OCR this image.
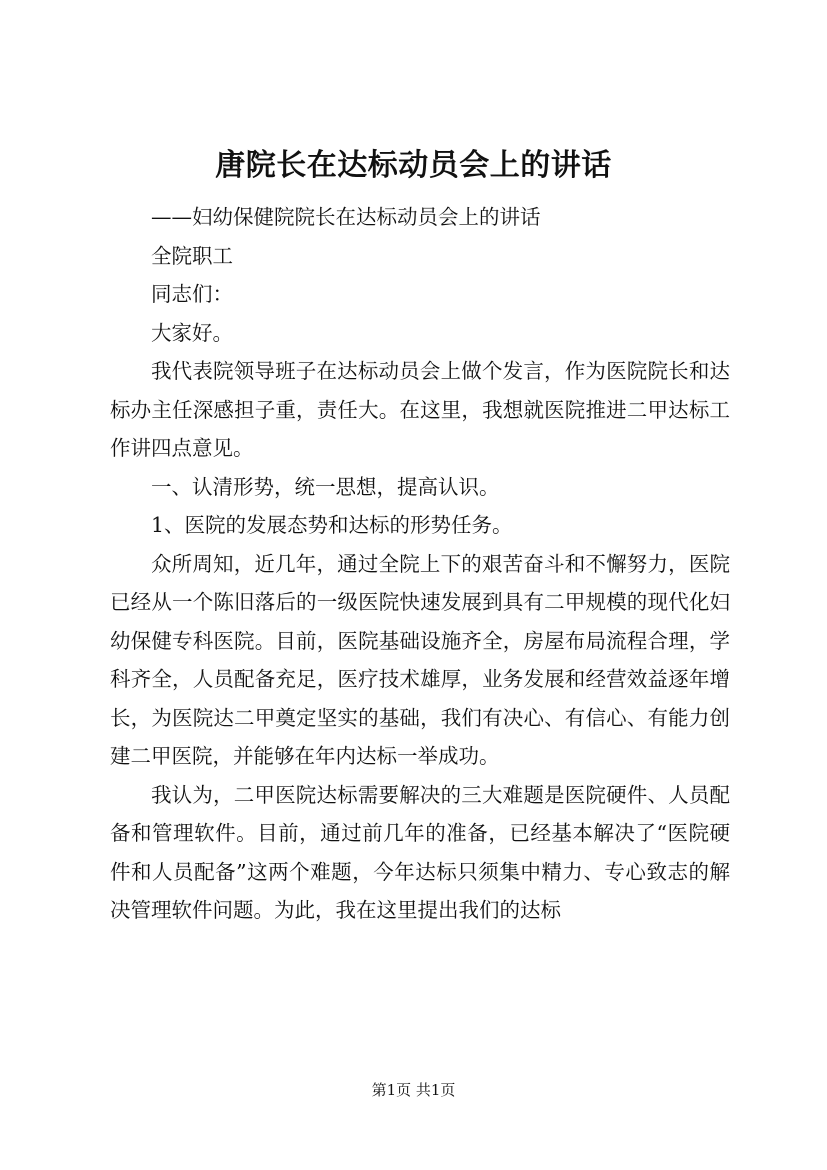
唐院长在达标动员会上的讲话

——妇幼保健院院长在达标动员会上的讲话

全院职工

同志们：

大家好。

我代表院领导班子在达标动员会上做个发言，作为医院院长和达标办主任深感担子重，责任大。在这里，我想就医院推进二甲达标工作讲四点意见。

一、认清形势，统一思想，提高认识。

1、医院的发展态势和达标的形势任务。

众所周知，近几年，通过全院上下的艰苦奋斗和不懈努力，医院已经从一个陈旧落后的一级医院快速发展到具有二甲规模的现代化妇幼保健专科医院。目前，医院基础设施齐全，房屋布局流程合理，学科齐全，人员配备充足，医疗技术雄厚，业务发展和经营效益逐年增长，为医院达二甲奠定坚实的基础，我们有决心、有信心、有能力创建二甲医院，并能够在年内达标一举成功。

我认为，二甲医院达标需要解决的三大难题是医院硬件、人员配备和管理软件。目前，通过前几年的准备，已经基本解决了“医院硬件和人员配备”这两个难题，今年达标只须集中精力、专心致志的解决管理软件问题。为此，我在这里提出我们的达标

第1页 共1页
